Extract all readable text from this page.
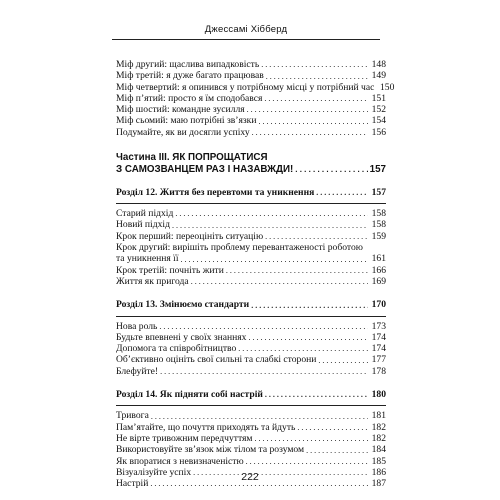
Джессамі Хібберд
Міф другий: щаслива випадковість . . .	148
Міф третій: я дуже багато працював . . .	149
Міф четвертий: я опинився у потрібному місці у потрібний час 150
Міф п’ятий: просто я їм сподобався . . .	151
Міф шостий: командне зусилля . . .	152
Міф сьомий: маю потрібні зв’язки . . .	154
Подумайте, як ви досягли успіху . . .	156
Частина ІІІ. ЯК ПОПРОЩАТИСЯ
З САМОЗВАНЦЕМ РАЗ І НАЗАВЖДИ! . . .	157
Розділ 12. Життя без перевтоми та уникнення . . .	157
Старий підхід . . .	158
Новий підхід . . .	158
Крок перший: переоцініть ситуацію . . .	159
Крок другий: вирішіть проблему перевантаженості роботою
та уникнення її . . .	161
Крок третій: почніть жити . . .	166
Життя як пригода . . .	169
Розділ 13. Змінюємо стандарти . . .	170
Нова роль . . .	173
Будьте впевнені у своїх знаннях . . .	174
Допомога та співробітництво . . .	174
Об’єктивно оцініть свої сильні та слабкі сторони . . .	177
Блефуйте! . . .	178
Розділ 14. Як підняти собі настрій . . .	180
Тривога . . .	181
Пам’ятайте, що почуття приходять та йдуть . . .	182
Не вірте тривожним передчуттям . . .	182
Використовуйте зв’язок між тілом та розумом . . .	184
Як впоратися з невизначеністю . . .	185
Візуалізуйте успіх . . .	186
Настрій . . .	187
222
